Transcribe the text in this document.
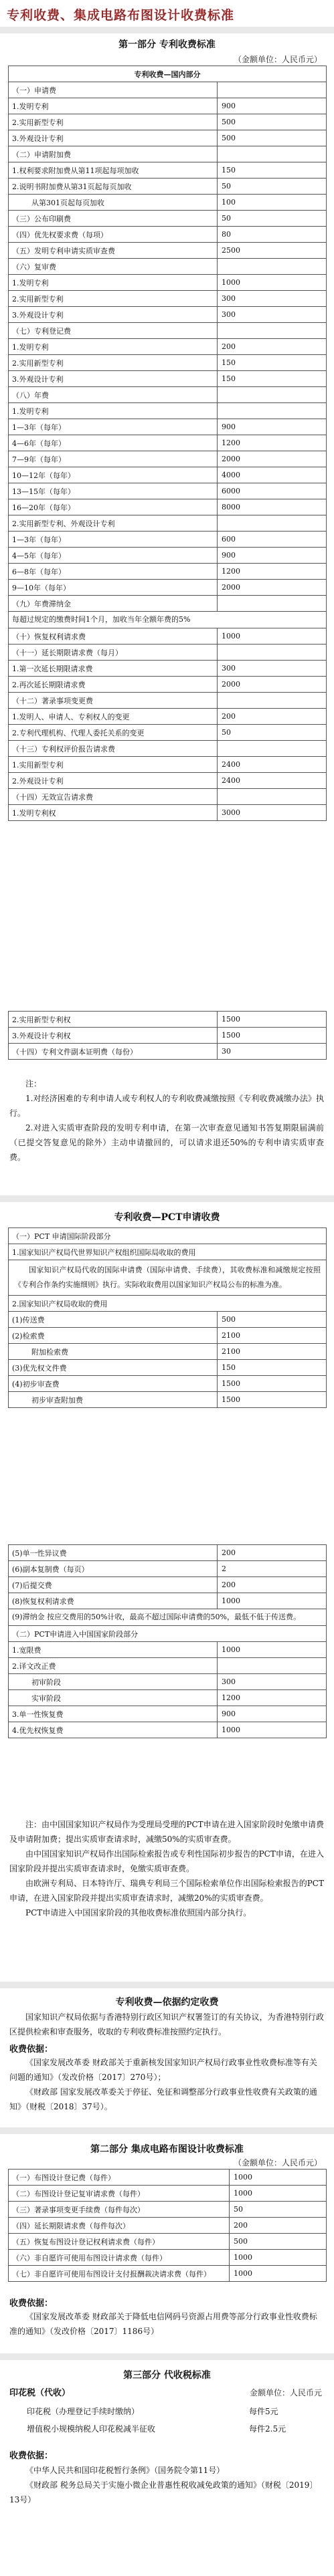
专利收费、集成电路布图设计收费标准
第一部分 专利收费标准
（金额单位：人民币元）
专利收费—国内部分	
（一）申请费	
1.发明专利	900
2.实用新型专利	500
3.外观设计专利	500
（二）申请附加费	
1.权利要求附加费从第11项起每项加收	150
2.说明书附加费从第31页起每页加收	50
从第301页起每页加收	100
（三）公布印刷费	50
（四）优先权要求费（每项）	80
（五）发明专利申请实质审查费	2500
（六）复审费	
1.发明专利	1000
2.实用新型专利	300
3.外观设计专利	300
（七）专利登记费	
1.发明专利	200
2.实用新型专利	150
3.外观设计专利	150
（八）年费	
1.发明专利	
1—3年（每年）	900
4—6年（每年）	1200
7—9年（每年）	2000
10—12年（每年）	4000
13—15年（每年）	6000
16—20年（每年）	8000
2.实用新型专利、外观设计专利	
1—3年（每年）	600
4—5年（每年）	900
6—8年（每年）	1200
9—10年（每年）	2000
（九）年费滞纳金	
每超过规定的缴费时间1个月，加收当年全额年费的5%	
（十）恢复权利请求费	1000
（十一）延长期限请求费（每月）	
1.第一次延长期限请求费	300
2.再次延长期限请求费	2000
（十二）著录事项变更费	
1.发明人、申请人、专利权人的变更	200
2.专利代理机构、代理人委托关系的变更	50
（十三）专利权评价报告请求费	
1.实用新型专利	2400
2.外观设计专利	2400
（十四）无效宣告请求费	
1.发明专利权	3000
2.实用新型专利权	1500
3.外观设计专利权	1500
（十四）专利文件副本证明费（每份）	30

注：

1.对经济困难的专利申请人或专利权人的专利收费减缴按照《专利收费减缴办法》执行。

2.对进入实质审查阶段的发明专利申请，在第一次审查意见通知书答复期限届满前（已提交答复意见的除外）主动申请撤回的，可以请求退还50%的专利申请实质审查费。

专利收费—PCT申请收费
（一）PCT 申请国际阶段部分	
1.国家知识产权局代世界知识产权组织国际局收取的费用	
国家知识产权局代收的国际申请费（国际申请费、手续费），其收费标准和减缴规定按照《专利合作条约实施细则》执行。实际收取费用以国家知识产权局公布的标准为准。	
2.国家知识产权局收取的费用	
(1)传送费	500
(2)检索费	2100
附加检索费	2100
(3)优先权文件费	150
(4)初步审查费	1500
初步审查附加费	1500
(5)单一性异议费	200
(6)副本复制费（每页）	2
(7)后提交费	200
(8)恢复权利请求费	1000
(9)滞纳金 按应交费用的50%计收，最高不超过国际申请费的50%，最低不低于传送费。	
（二）PCT申请进入中国国家阶段部分	
1.宽限费	1000
2.译文改正费	
初审阶段	300
实审阶段	1200
3.单一性恢复费	900
4.优先权恢复费	1000

注：由中国国家知识产权局作为受理局受理的PCT申请在进入国家阶段时免缴申请费及申请附加费；提出实质审查请求时，减缴50%的实质审查费。

由中国国家知识产权局作出国际检索报告或专利性国际初步报告的PCT申请，在进入国家阶段并提出实质审查请求时，免缴实质审查费。

由欧洲专利局、日本特许厅、瑞典专利局三个国际检索单位作出国际检索报告的PCT申请，在进入国家阶段并提出实质审查请求时，减缴20%的实质审查费。

PCT申请进入中国国家阶段的其他收费标准依照国内部分执行。

专利收费—依据约定收费

国家知识产权局依据与香港特别行政区知识产权署签订的有关协议，为香港特别行政区提供检索和审查服务，收取的专利收费标准按照约定执行。

收费依据：

《国家发展改革委 财政部关于重新核发国家知识产权局行政事业性收费标准等有关问题的通知》（发改价格〔2017〕270号）；

《财政部 国家发展改革委关于停征、免征和调整部分行政事业性收费有关政策的通知》（财税〔2018〕37号）。

第二部分 集成电路布图设计收费标准
（金额单位：人民币元）
（一）布图设计登记费（每件）	1000
（二）布图设计登记复审请求费（每件）	1000
（三）著录事项变更手续费（每件每次）	50
（四）延长期限请求费（每件每次）	200
（五）恢复布图设计登记权利请求费（每件）	500
（六）非自愿许可使用布图设计请求费（每件）	1000
（七）非自愿许可使用布图设计支付报酬裁决请求费（每件）	1000
收费依据：

《国家发展改革委 财政部关于降低电信网码号资源占用费等部分行政事业性收费标准的通知》（发改价格〔2017〕1186号）

第三部分 代收税标准
印花税（代收）	金额单位：人民币元
印花税（办理登记手续时缴纳）	每件5元
增值税小规模纳税人印花税减半征收	每件2.5元
收费依据：

《中华人民共和国印花税暂行条例》（国务院令第11号）

《财政部 税务总局关于实施小微企业普惠性税收减免政策的通知》（财税〔2019〕13号）
